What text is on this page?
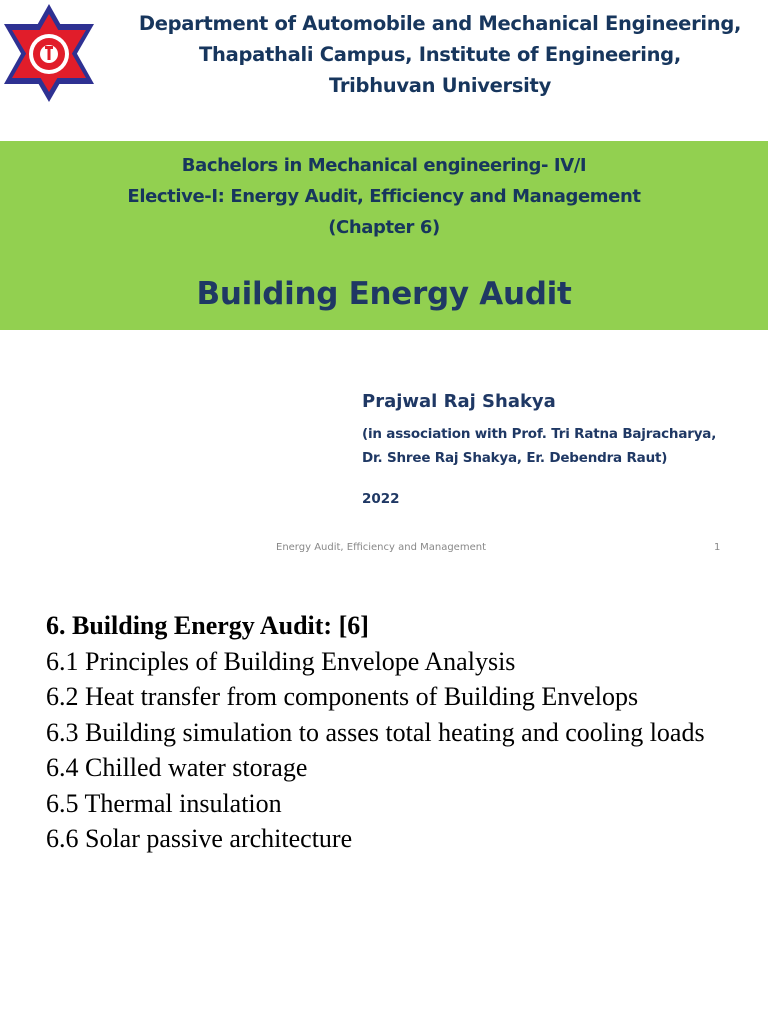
Department of Automobile and Mechanical Engineering,
Thapathali Campus, Institute of Engineering,
Tribhuvan University
Bachelors in Mechanical engineering- IV/I
Elective-I: Energy Audit, Efficiency and Management
(Chapter 6)
Building Energy Audit
Prajwal Raj Shakya
(in association with Prof. Tri Ratna Bajracharya,
Dr. Shree Raj Shakya, Er. Debendra Raut)
2022
Energy Audit, Efficiency and Management	1
6. Building Energy Audit: [6]
6.1 Principles of Building Envelope Analysis
6.2 Heat transfer from components of Building Envelops
6.3 Building simulation to asses total heating and cooling loads
6.4 Chilled water storage
6.5 Thermal insulation
6.6 Solar passive architecture
